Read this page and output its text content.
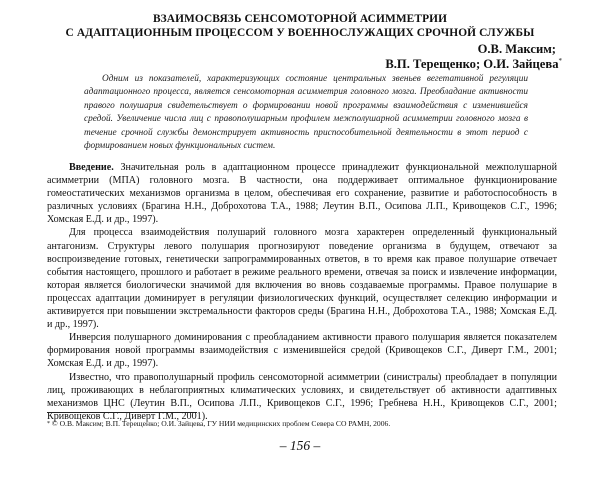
ВЗАИМОСВЯЗЬ СЕНСОМОТОРНОЙ АСИММЕТРИИ

С АДАПТАЦИОННЫМ ПРОЦЕССОМ У ВОЕННОСЛУЖАЩИХ СРОЧНОЙ СЛУЖБЫ

О.В. Максим;

В.П. Терещенко; О.И. Зайцева*

Одним из показателей, характеризующих состояние центральных звеньев вегетативной регуляции адаптационного процесса, является сенсомоторная асимметрия головного мозга. Преобладание активности правого полушария свидетельствует о формировании новой программы взаимодействия с изменившейся средой. Увеличение числа лиц с правополушарным профилем межполушарной асимметрии головного мозга в течение срочной службы демонстрирует активность приспособительной деятельности в этот период с формированием новых функциональных систем.

Введение. Значительная роль в адаптационном процессе принадлежит функциональной межполушарной асимметрии (МПА) головного мозга. В частности, она поддерживает оптимальное функционирование гомеостатических механизмов организма в целом, обеспечивая его сохранение, развитие и работоспособность в различных условиях (Брагина Н.Н., Доброхотова Т.А., 1988; Леутин В.П., Осипова Л.П., Кривощеков С.Г., 1996; Хомская Е.Д. и др., 1997).

Для процесса взаимодействия полушарий головного мозга характерен определенный функциональный антагонизм. Структуры левого полушария прогнозируют поведение организма в будущем, отвечают за воспроизведение готовых, генетически запрограммированных ответов, в то время как правое полушарие отвечает события настоящего, прошлого и работает в режиме реального времени, отвечая за поиск и извлечение информации, которая является биологически значимой для включения во вновь создаваемые программы. Правое полушарие в процессах адаптации доминирует в регуляции физиологических функций, осуществляет селекцию информации и активируется при повышении экстремальности факторов среды (Брагина Н.Н., Доброхотова Т.А., 1988; Хомская Е.Д. и др., 1997).

Инверсия полушарного доминирования с преобладанием активности правого полушария является показателем формирования новой программы взаимодействия с изменившейся средой (Кривощеков С.Г., Диверт Г.М., 2001; Хомская Е.Д. и др., 1997).

Известно, что правополушарный профиль сенсомоторной асимметрии (синистралы) преобладает в популяции лиц, проживающих в неблагоприятных климатических условиях, и свидетельствует об активности адаптивных механизмов ЦНС (Леутин В.П., Осипова Л.П., Кривощеков С.Г., 1996; Гребнева Н.Н., Кривощеков С.Г., 2001; Кривощеков С.Г., Диверт Г.М., 2001).

* © О.В. Максим; В.П. Терещенко; О.И. Зайцева, ГУ НИИ медицинских проблем Севера СО РАМН, 2006.

– 156 –
